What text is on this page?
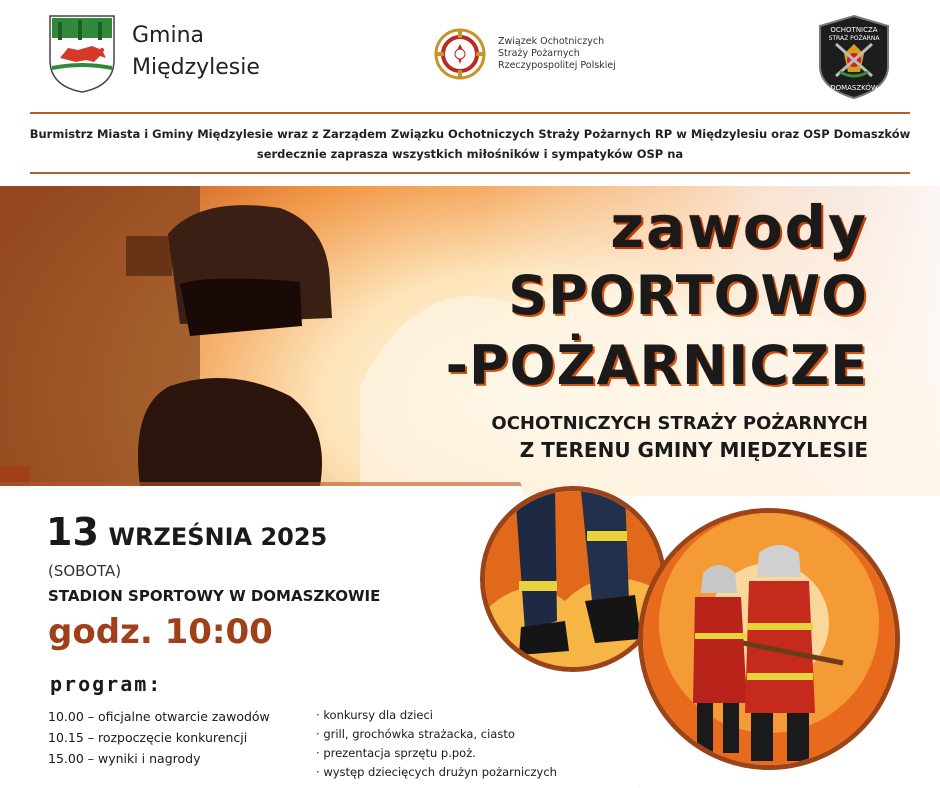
Gmina
Międzylesie
Związek Ochotniczych
Straży Pożarnych
Rzeczypospolitej Polskiej
OCHOTNICZA
STRAŻ POŻARNA
DOMASZKÓW
Burmistrz Miasta i Gminy Międzylesie wraz z Zarządem Związku Ochotniczych Straży Pożarnych RP w Międzylesiu oraz OSP Domaszków
serdecznie zaprasza wszystkich miłośników i sympatyków OSP na
zawody
SPORTOWO
-POŻARNICZE
OCHOTNICZYCH STRAŻY POŻARNYCH
Z TERENU GMINY MIĘDZYLESIE
13 WRZEŚNIA 2025
(SOBOTA)
STADION SPORTOWY W DOMASZKOWIE
godz. 10:00
program:
10.00 – oficjalne otwarcie zawodów
10.15 – rozpoczęcie konkurencji
15.00 – wyniki i nagrody
· konkursy dla dzieci
· grill, grochówka strażacka, ciasto
· prezentacja sprzętu p.poż.
· występ dziecięcych drużyn pożarniczych
